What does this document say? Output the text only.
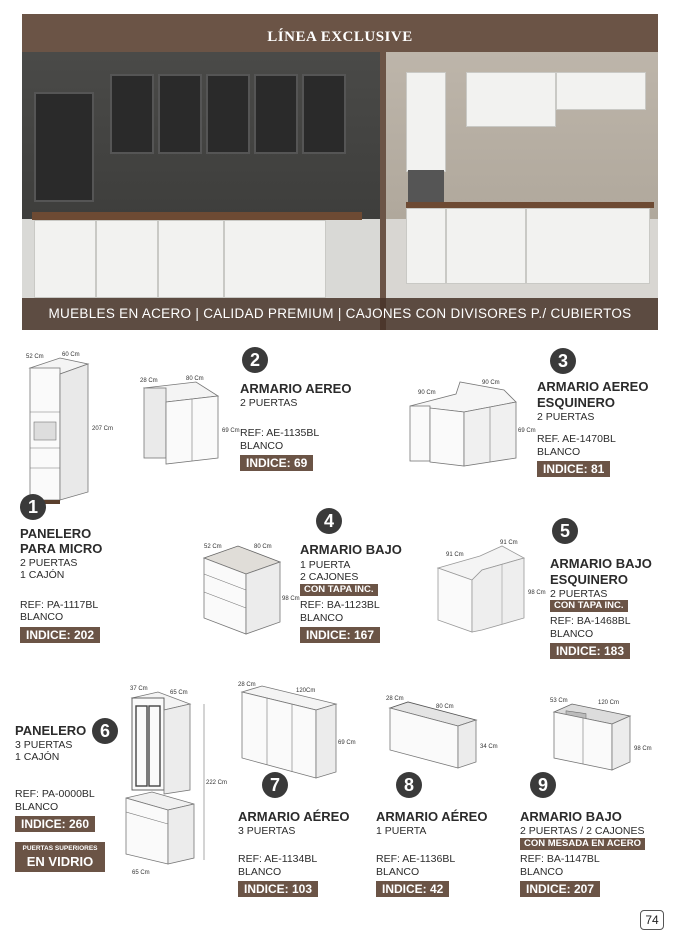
LÍNEA EXCLUSIVE
MUEBLES EN ACERO | CALIDAD PREMIUM | CAJONES CON DIVISORES P./ CUBIERTOS
52 Cm	60 Cm
207 Cm
1
PANELERO
PARA MICRO
2 PUERTAS
1 CAJÓN
REF: PA-1117BL
BLANCO
INDICE: 202
28 Cm	80 Cm
69 Cm
2
ARMARIO AEREO
2 PUERTAS
REF: AE-1135BL
BLANCO
INDICE: 69
90 Cm
90 Cm
69 Cm
3
ARMARIO AEREO
ESQUINERO
2 PUERTAS
REF. AE-1470BL
BLANCO
INDICE: 81
52 Cm	80 Cm
98 Cm
4
ARMARIO BAJO
1 PUERTA
2 CAJONES
CON TAPA INC.
REF: BA-1123BL
BLANCO
INDICE: 167
91 Cm
91 Cm
98 Cm
5
ARMARIO BAJO
ESQUINERO
2 PUERTAS
CON TAPA INC.
REF: BA-1468BL
BLANCO
INDICE: 183
37 Cm
65 Cm
222 Cm
65 Cm
6
PANELERO
3 PUERTAS
1 CAJÓN
REF: PA-0000BL
BLANCO
INDICE: 260
PUERTAS SUPERIORES
EN VIDRIO
28 Cm
120Cm
69 Cm
7
ARMARIO AÉREO
3 PUERTAS
REF: AE-1134BL
BLANCO
INDICE: 103
28 Cm
80 Cm
34 Cm
8
ARMARIO AÉREO
1 PUERTA
REF: AE-1136BL
BLANCO
INDICE: 42
53 Cm	120 Cm
98 Cm
9
ARMARIO BAJO
2 PUERTAS / 2 CAJONES
CON MESADA EN ACERO
REF: BA-1147BL
BLANCO
INDICE: 207
74
